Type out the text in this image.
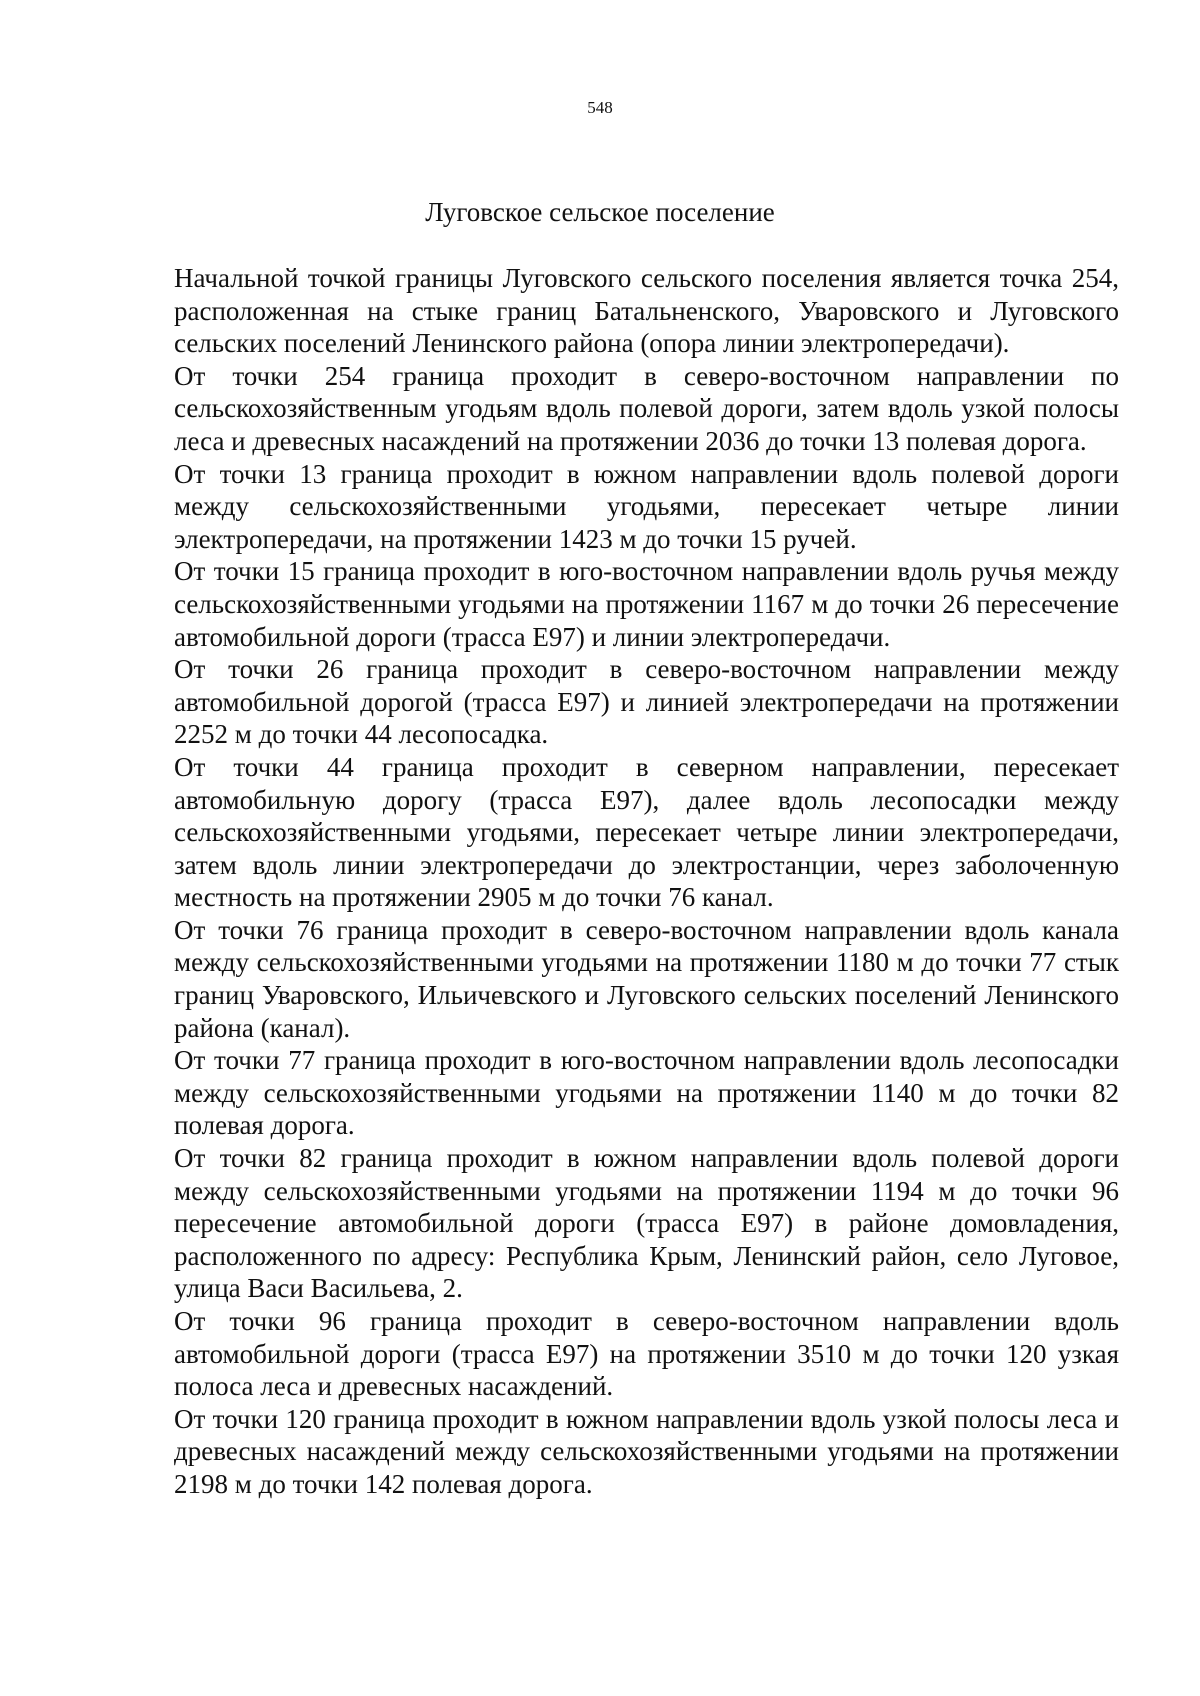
548
Луговское сельское поселение

Начальной точкой границы Луговского сельского поселения является точка 254, расположенная на стыке границ Батальненского, Уваровского и Луговского сельских поселений Ленинского района (опора линии электропередачи).

От точки 254 граница проходит в северо-восточном направлении по сельскохозяйственным угодьям вдоль полевой дороги, затем вдоль узкой полосы леса и древесных насаждений на протяжении 2036 до точки 13 полевая дорога.

От точки 13 граница проходит в южном направлении вдоль полевой дороги между сельскохозяйственными угодьями, пересекает четыре линии электропередачи, на протяжении 1423 м до точки 15 ручей.

От точки 15 граница проходит в юго-восточном направлении вдоль ручья между сельскохозяйственными угодьями на протяжении 1167 м до точки 26 пересечение автомобильной дороги (трасса Е97) и линии электропередачи.

От точки 26 граница проходит в северо-восточном направлении между автомобильной дорогой (трасса Е97) и линией электропередачи на протяжении 2252 м до точки 44 лесопосадка.

От точки 44 граница проходит в северном направлении, пересекает автомобильную дорогу (трасса Е97), далее вдоль лесопосадки между сельскохозяйственными угодьями, пересекает четыре линии электропередачи, затем вдоль линии электропередачи до электростанции, через заболоченную местность на протяжении 2905 м до точки 76 канал.

От точки 76 граница проходит в северо-восточном направлении вдоль канала между сельскохозяйственными угодьями на протяжении 1180 м до точки 77 стык границ Уваровского, Ильичевского и Луговского сельских поселений Ленинского района (канал).

От точки 77 граница проходит в юго-восточном направлении вдоль лесопосадки между сельскохозяйственными угодьями на протяжении 1140 м до точки 82 полевая дорога.

От точки 82 граница проходит в южном направлении вдоль полевой дороги между сельскохозяйственными угодьями на протяжении 1194 м до точки 96 пересечение автомобильной дороги (трасса Е97) в районе домовладения, расположенного по адресу: Республика Крым, Ленинский район, село Луговое, улица Васи Васильева, 2.

От точки 96 граница проходит в северо-восточном направлении вдоль автомобильной дороги (трасса Е97) на протяжении 3510 м до точки 120 узкая полоса леса и древесных насаждений.

От точки 120 граница проходит в южном направлении вдоль узкой полосы леса и древесных насаждений между сельскохозяйственными угодьями на протяжении 2198 м до точки 142 полевая дорога.
